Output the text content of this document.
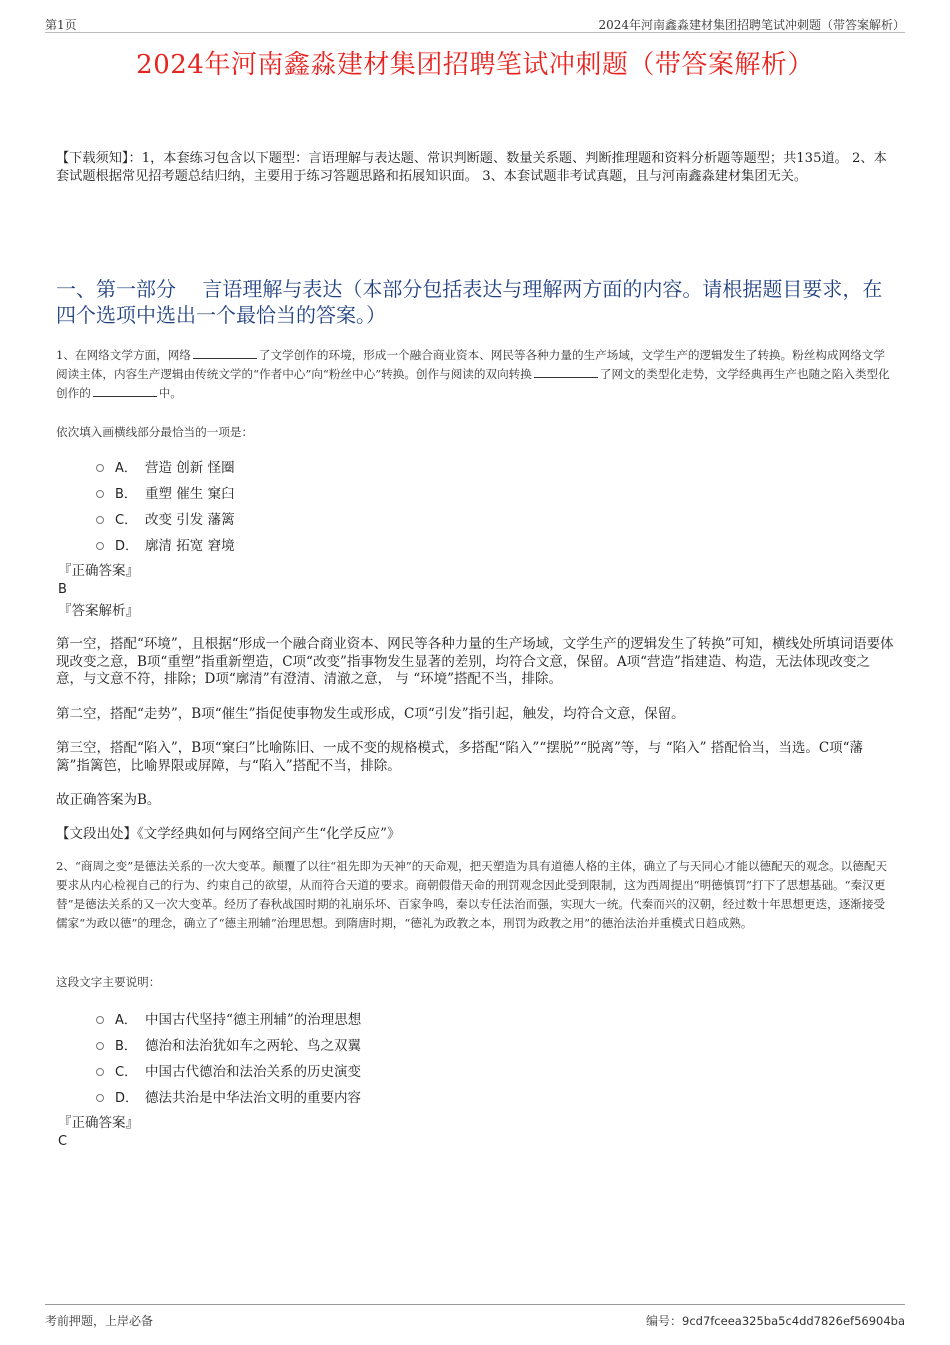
第1页	2024年河南鑫淼建材集团招聘笔试冲刺题（带答案解析）
2024年河南鑫淼建材集团招聘笔试冲刺题（带答案解析）
【下载须知】：1，本套练习包含以下题型：言语理解与表达题、常识判断题、数量关系题、判断推理题和资料分析题等题型；共135道。 2、本套试题根据常见招考题总结归纳，主要用于练习答题思路和拓展知识面。 3、本套试题非考试真题，且与河南鑫淼建材集团无关。
一、第一部分　 言语理解与表达（本部分包括表达与理解两方面的内容。请根据题目要求，在四个选项中选出一个最恰当的答案。）
1、在网络文学方面，网络	了文学创作的环境，形成一个融合商业资本、网民等各种力量的生产场域，文学生产的逻辑发生了转换。粉丝构成网络文学阅读主体，内容生产逻辑由传统文学的“作者中心”向“粉丝中心”转换。创作与阅读的双向转换	了网文的类型化走势，文学经典再生产也随之陷入类型化创作的	中。
依次填入画横线部分最恰当的一项是：
A． 营造 创新 怪圈
B． 重塑 催生 窠臼
C． 改变 引发 藩篱
D． 廓清 拓宽 窘境
『正确答案』
B
『答案解析』

第一空，搭配“环境”，且根据“形成一个融合商业资本、网民等各种力量的生产场域，文学生产的逻辑发生了转换”可知，横线处所填词语要体现改变之意，B项“重塑”指重新塑造，C项“改变”指事物发生显著的差别，均符合文意，保留。A项“营造”指建造、构造，无法体现改变之意，与文意不符，排除；D项“廓清”有澄清、清澈之意， 与 “环境”搭配不当，排除。

第二空，搭配“走势”，B项“催生”指促使事物发生或形成，C项“引发”指引起，触发，均符合文意，保留。

第三空，搭配“陷入”，B项“窠臼”比喻陈旧、一成不变的规格模式，多搭配“陷入”“摆脱”“脱离”等，与 “陷入” 搭配恰当，当选。C项“藩篱”指篱笆，比喻界限或屏障，与“陷入”搭配不当，排除。

故正确答案为B。

【文段出处】《文学经典如何与网络空间产生“化学反应”》
2、“商周之变”是德法关系的一次大变革。颠覆了以往“祖先即为天神”的天命观，把天塑造为具有道德人格的主体，确立了与天同心才能以德配天的观念。以德配天要求从内心检视自己的行为、约束自己的欲望，从而符合天道的要求。商朝假借天命的刑罚观念因此受到限制，这为西周提出“明德慎罚”打下了思想基础。“秦汉更替”是德法关系的又一次大变革。经历了春秋战国时期的礼崩乐坏、百家争鸣，秦以专任法治而强，实现大一统。代秦而兴的汉朝，经过数十年思想更迭，逐渐接受儒家“为政以德”的理念，确立了“德主刑辅”治理思想。到隋唐时期，“德礼为政教之本，刑罚为政教之用”的德治法治并重模式日趋成熟。
这段文字主要说明：
A． 中国古代坚持“德主刑辅”的治理思想
B． 德治和法治犹如车之两轮、鸟之双翼
C． 中国古代德治和法治关系的历史演变
D． 德法共治是中华法治文明的重要内容
『正确答案』
C
考前押题，上岸必备	编号：9cd7fceea325ba5c4dd7826ef56904ba
